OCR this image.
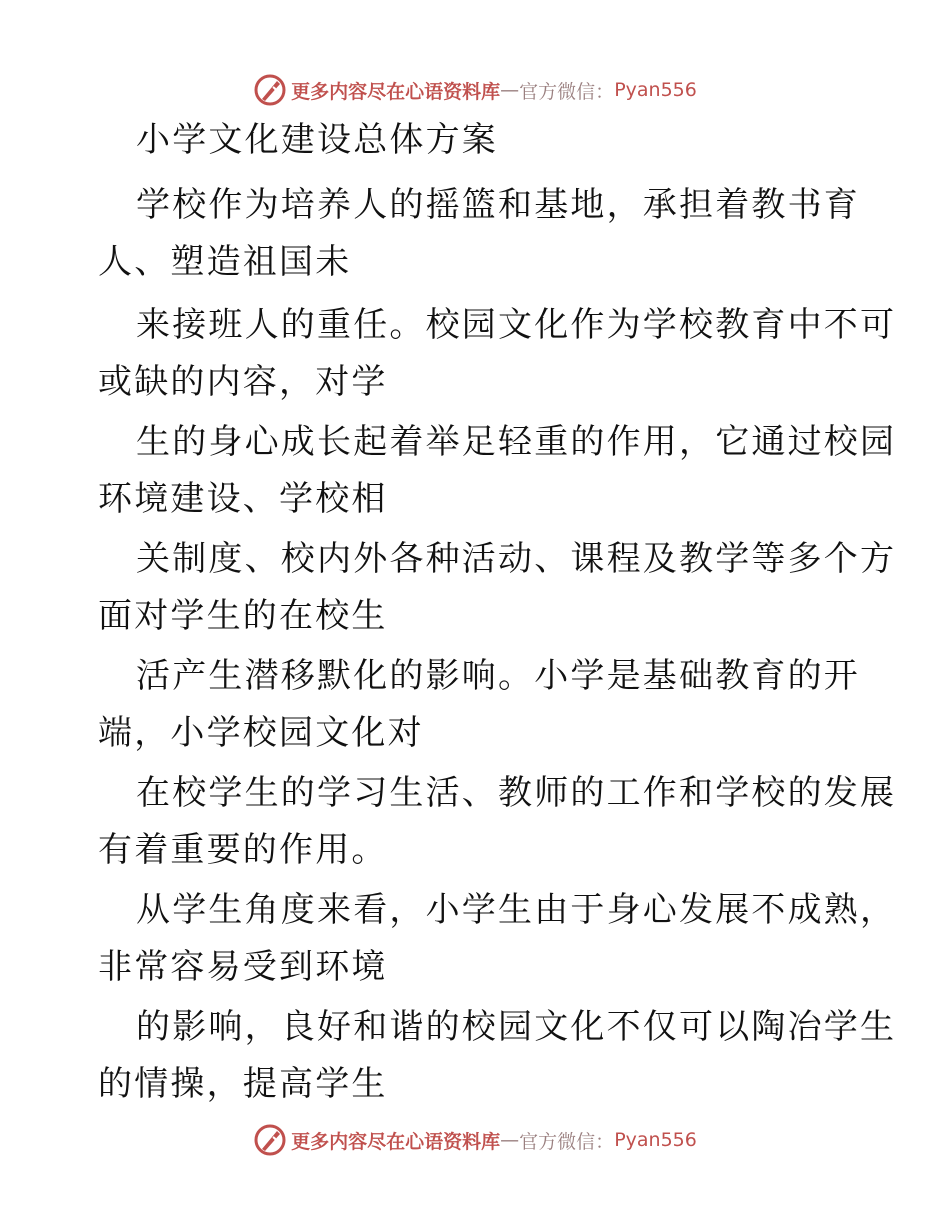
更多内容尽在心语资料库 — 官方微信： Pyan556
小学文化建设总体方案
学校作为培养人的摇篮和基地，承担着教书育
人、塑造祖国未
来接班人的重任。校园文化作为学校教育中不可
或缺的内容，对学
生的身心成长起着举足轻重的作用，它通过校园
环境建设、学校相
关制度、校内外各种活动、课程及教学等多个方
面对学生的在校生
活产生潜移默化的影响。小学是基础教育的开
端，小学校园文化对
在校学生的学习生活、教师的工作和学校的发展
有着重要的作用。
从学生角度来看，小学生由于身心发展不成熟，
非常容易受到环境
的影响，良好和谐的校园文化不仅可以陶冶学生
的情操，提高学生
更多内容尽在心语资料库 — 官方微信： Pyan556
